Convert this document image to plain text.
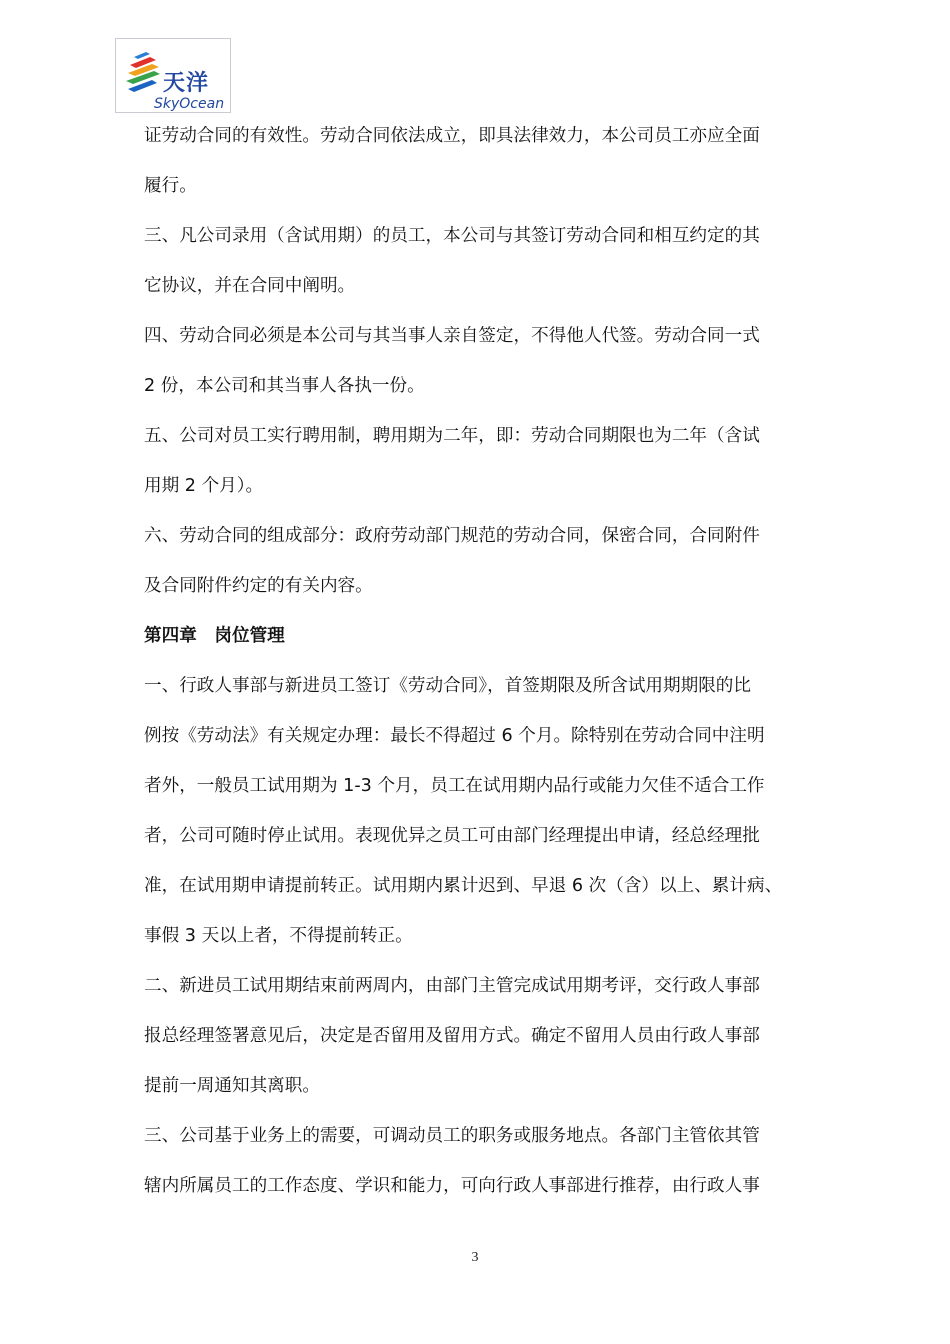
天洋
SkyOcean
证劳动合同的有效性。劳动合同依法成立，即具法律效力，本公司员工亦应全面
履行。
三、凡公司录用（含试用期）的员工，本公司与其签订劳动合同和相互约定的其
它协议，并在合同中阐明。
四、劳动合同必须是本公司与其当事人亲自签定，不得他人代签。劳动合同一式
2 份，本公司和其当事人各执一份。
五、公司对员工实行聘用制，聘用期为二年，即：劳动合同期限也为二年（含试
用期 2 个月）。
六、劳动合同的组成部分：政府劳动部门规范的劳动合同，保密合同，合同附件
及合同附件约定的有关内容。
第四章　岗位管理
一、行政人事部与新进员工签订《劳动合同》，首签期限及所含试用期期限的比
例按《劳动法》有关规定办理：最长不得超过 6 个月。除特别在劳动合同中注明
者外，一般员工试用期为 1-3 个月，员工在试用期内品行或能力欠佳不适合工作
者，公司可随时停止试用。表现优异之员工可由部门经理提出申请，经总经理批
准，在试用期申请提前转正。试用期内累计迟到、早退 6 次（含）以上、累计病、
事假 3 天以上者，不得提前转正。
二、新进员工试用期结束前两周内，由部门主管完成试用期考评，交行政人事部
报总经理签署意见后，决定是否留用及留用方式。确定不留用人员由行政人事部
提前一周通知其离职。
三、公司基于业务上的需要，可调动员工的职务或服务地点。各部门主管依其管
辖内所属员工的工作态度、学识和能力，可向行政人事部进行推荐，由行政人事
3
